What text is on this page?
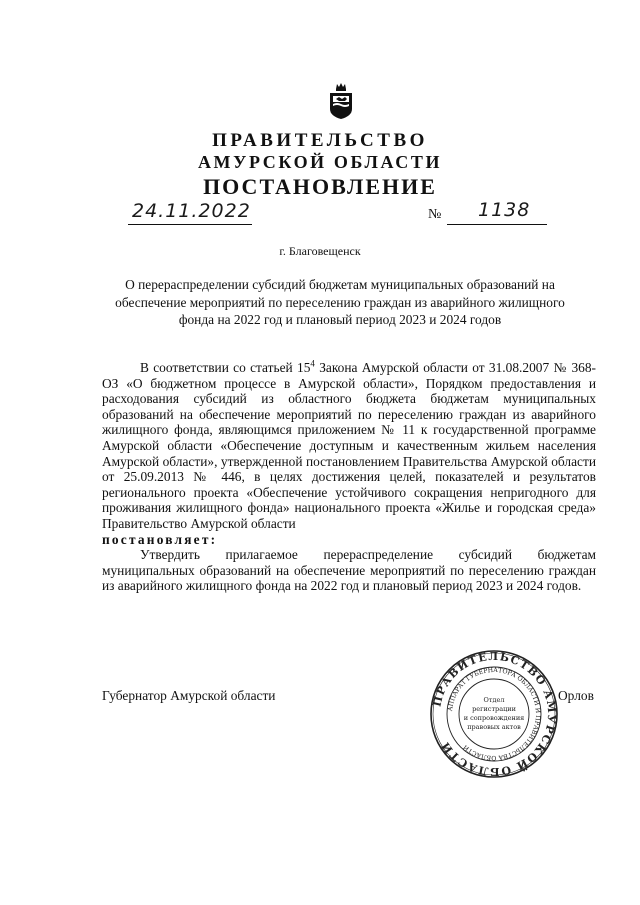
ПРАВИТЕЛЬСТВО
АМУРСКОЙ ОБЛАСТИ
ПОСТАНОВЛЕНИЕ
24.11.2022	№ 1138
г. Благовещенск
О перераспределении субсидий бюджетам муниципальных образований на обеспечение мероприятий по переселению граждан из аварийного жилищного фонда на 2022 год и плановый период 2023 и 2024 годов

В соответствии со статьей $15^4$ Закона Амурской области от 31.08.2007 № 368-ОЗ «О бюджетном процессе в Амурской области», Порядком предоставления и расходования субсидий из областного бюджета бюджетам муниципальных образований на обеспечение мероприятий по переселению граждан из аварийного жилищного фонда, являющимся приложением № 11 к государственной программе Амурской области «Обеспечение доступным и качественным жильем населения Амурской области», утвержденной постановлением Правительства Амурской области от 25.09.2013 № 446, в целях достижения целей, показателей и результатов регионального проекта «Обеспечение устойчивого сокращения непригодного для проживания жилищного фонда» национального проекта «Жилье и городская среда» Правительство Амурской области

постановляет:

Утвердить прилагаемое перераспределение субсидий бюджетам муниципальных образований на обеспечение мероприятий по переселению граждан из аварийного жилищного фонда на 2022 год и плановый период 2023 и 2024 годов.

Губернатор Амурской области	Орлов
ПРАВИТЕЛЬСТВО АМУРСКОЙ ОБЛАСТИ
АППАРАТ ГУБЕРНАТОРА ОБЛАСТИ И ПРАВИТЕЛЬСТВА ОБЛАСТИ
Отдел
регистрации
и сопровождения
правовых актов
